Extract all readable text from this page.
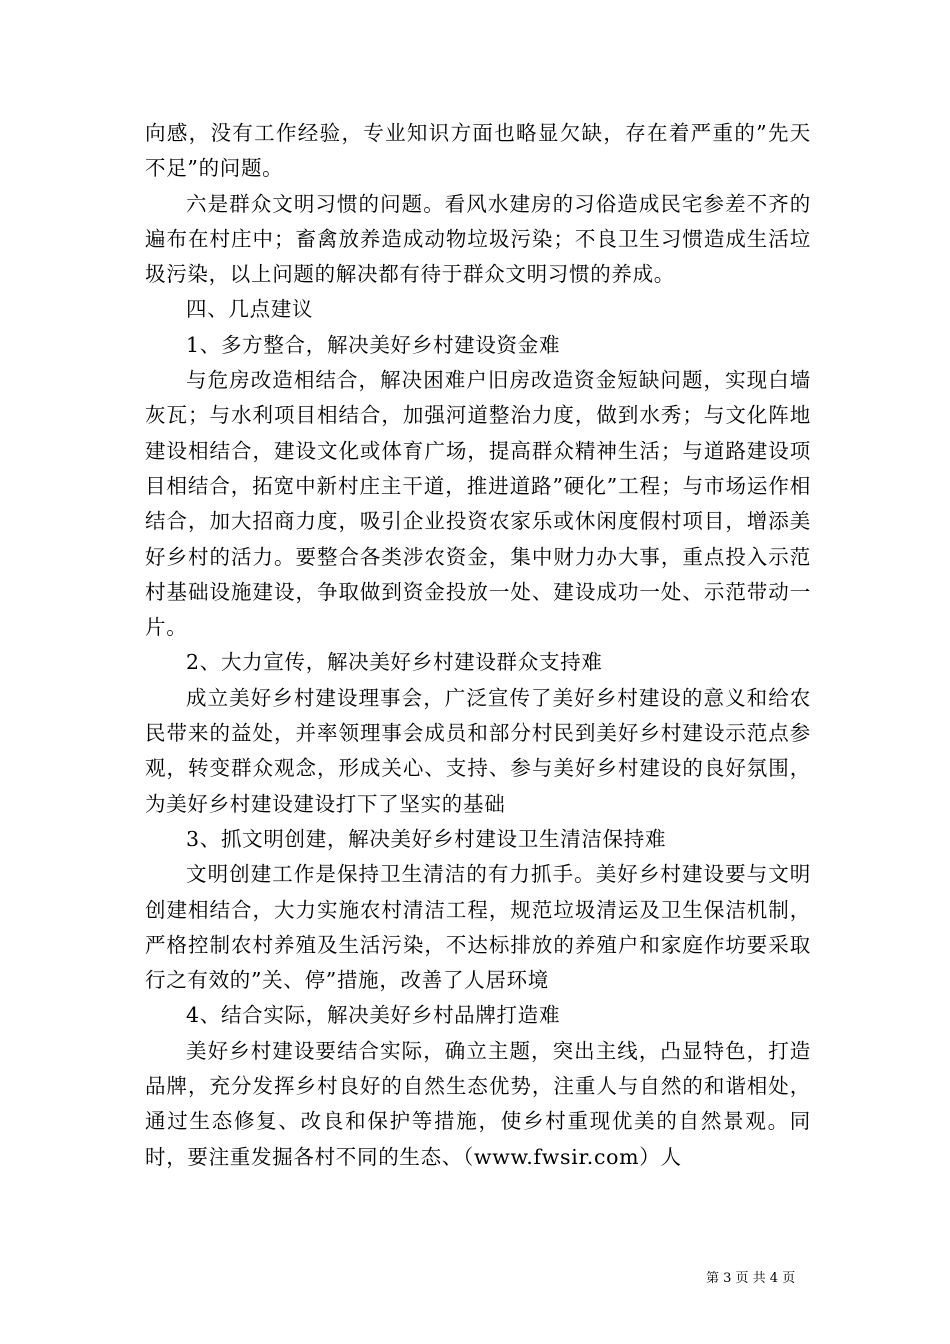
向感，没有工作经验，专业知识方面也略显欠缺，存在着严重的”先天不足”的问题。

六是群众文明习惯的问题。看风水建房的习俗造成民宅参差不齐的遍布在村庄中；畜禽放养造成动物垃圾污染；不良卫生习惯造成生活垃圾污染，以上问题的解决都有待于群众文明习惯的养成。

四、几点建议

1、多方整合，解决美好乡村建设资金难

与危房改造相结合，解决困难户旧房改造资金短缺问题，实现白墙灰瓦；与水利项目相结合，加强河道整治力度，做到水秀；与文化阵地建设相结合，建设文化或体育广场，提高群众精神生活；与道路建设项目相结合，拓宽中新村庄主干道，推进道路”硬化”工程；与市场运作相结合，加大招商力度，吸引企业投资农家乐或休闲度假村项目，增添美好乡村的活力。要整合各类涉农资金，集中财力办大事，重点投入示范村基础设施建设，争取做到资金投放一处、建设成功一处、示范带动一片。

2、大力宣传，解决美好乡村建设群众支持难

成立美好乡村建设理事会，广泛宣传了美好乡村建设的意义和给农民带来的益处，并率领理事会成员和部分村民到美好乡村建设示范点参观，转变群众观念，形成关心、支持、参与美好乡村建设的良好氛围，为美好乡村建设建设打下了坚实的基础

3、抓文明创建，解决美好乡村建设卫生清洁保持难

文明创建工作是保持卫生清洁的有力抓手。美好乡村建设要与文明创建相结合，大力实施农村清洁工程，规范垃圾清运及卫生保洁机制，严格控制农村养殖及生活污染，不达标排放的养殖户和家庭作坊要采取行之有效的”关、停”措施，改善了人居环境

4、结合实际，解决美好乡村品牌打造难

美好乡村建设要结合实际，确立主题，突出主线，凸显特色，打造品牌，充分发挥乡村良好的自然生态优势，注重人与自然的和谐相处，通过生态修复、改良和保护等措施，使乡村重现优美的自然景观。同时，要注重发掘各村不同的生态、（www.fwsir.com）人

第 3 页 共 4 页
